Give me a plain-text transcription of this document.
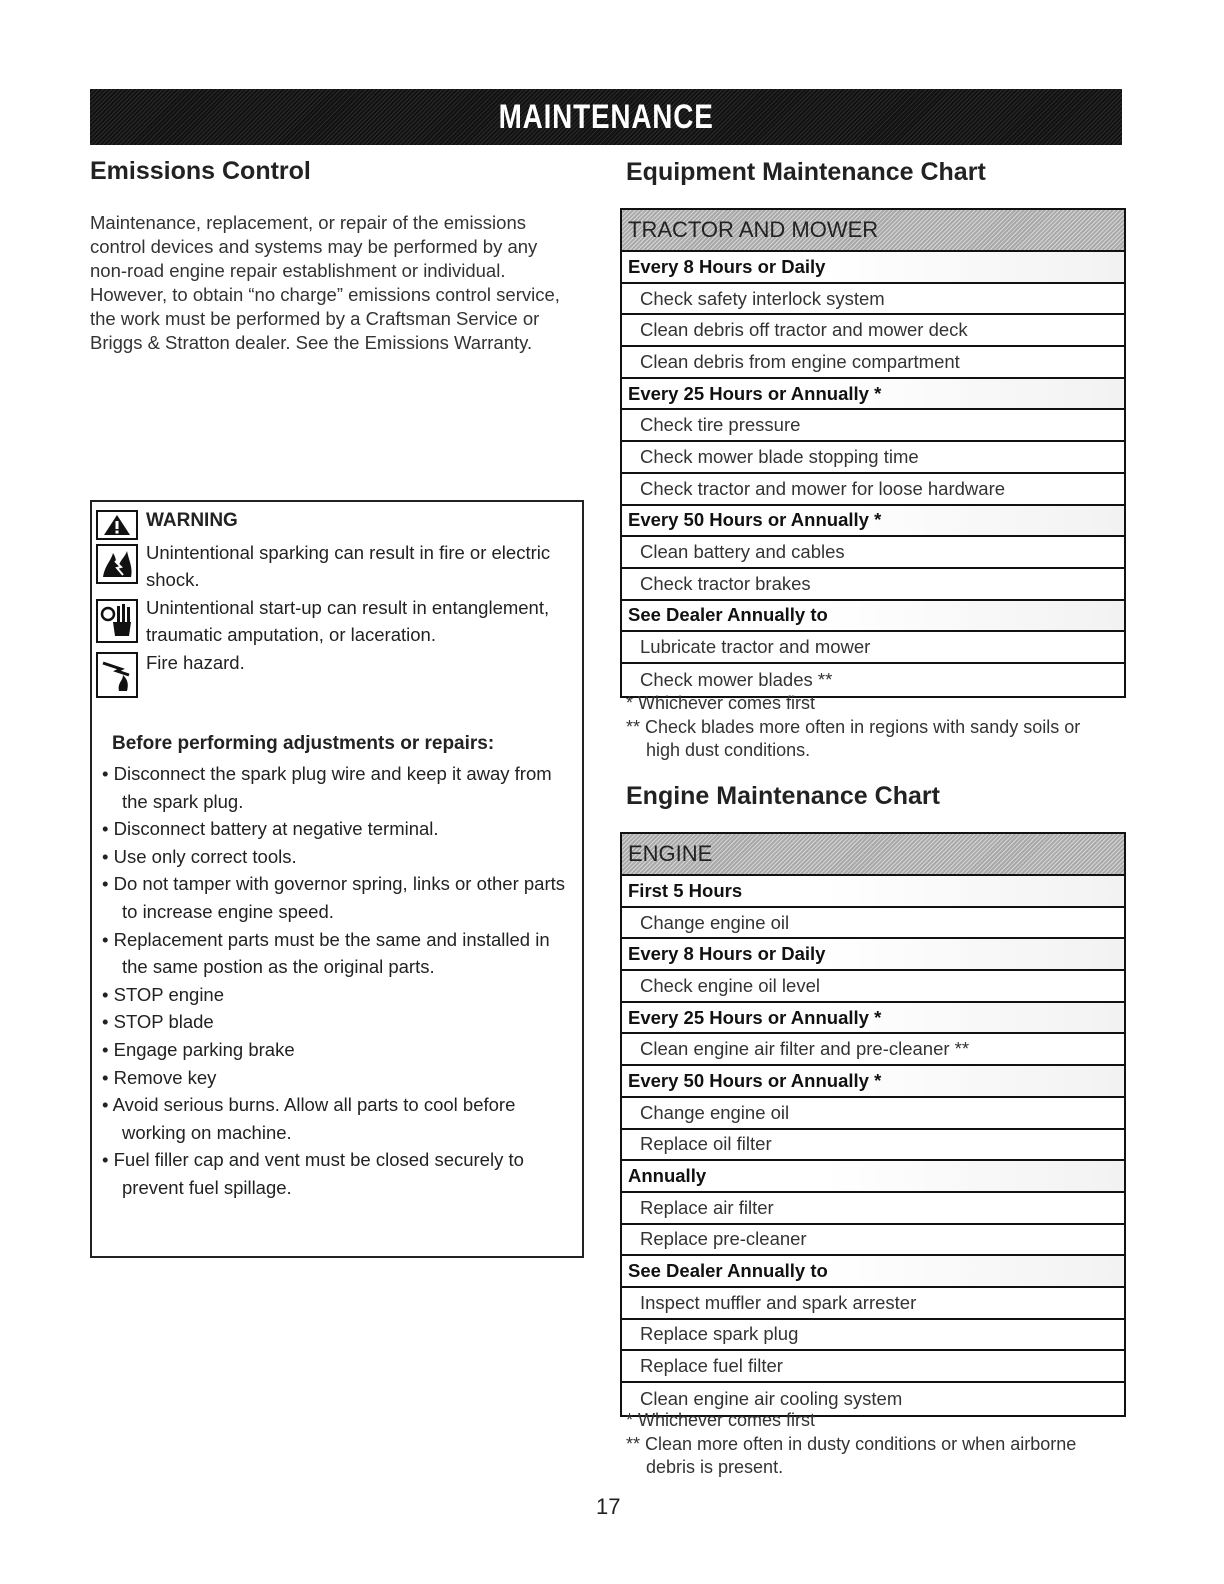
MAINTENANCE
Emissions Control
Maintenance, replacement, or repair of the emissions
control devices and systems may be performed by any
non-road engine repair establishment or individual.
However, to obtain “no charge” emissions control service,
the work must be performed by a Craftsman Service or
Briggs & Stratton dealer. See the Emissions Warranty.
WARNING
Unintentional sparking can result in fire or electric
shock.
Unintentional start-up can result in entanglement,
traumatic amputation, or laceration.
Fire hazard.
Before performing adjustments or repairs:
• Disconnect the spark plug wire and keep it away from
the spark plug.
• Disconnect battery at negative terminal.
• Use only correct tools.
• Do not tamper with governor spring, links or other parts
to increase engine speed.
• Replacement parts must be the same and installed in
the same postion as the original parts.
• STOP engine
• STOP blade
• Engage parking brake
• Remove key
• Avoid serious burns. Allow all parts to cool before
working on machine.
• Fuel filler cap and vent must be closed securely to
prevent fuel spillage.
Equipment Maintenance Chart
TRACTOR AND MOWER
Every 8 Hours or Daily
Check safety interlock system
Clean debris off tractor and mower deck
Clean debris from engine compartment
Every 25 Hours or Annually *
Check tire pressure
Check mower blade stopping time
Check tractor and mower for loose hardware
Every 50 Hours or Annually *
Clean battery and cables
Check tractor brakes
See Dealer Annually to
Lubricate tractor and mower
Check mower blades **
* Whichever comes first
** Check blades more often in regions with sandy soils or
high dust conditions.
Engine Maintenance Chart
ENGINE
First 5 Hours
Change engine oil
Every 8 Hours or Daily
Check engine oil level
Every 25 Hours or Annually *
Clean engine air filter and pre-cleaner **
Every 50 Hours or Annually *
Change engine oil
Replace oil filter
Annually
Replace air filter
Replace pre-cleaner
See Dealer Annually to
Inspect muffler and spark arrester
Replace spark plug
Replace fuel filter
Clean engine air cooling system
* Whichever comes first
** Clean more often in dusty conditions or when airborne
debris is present.
17
